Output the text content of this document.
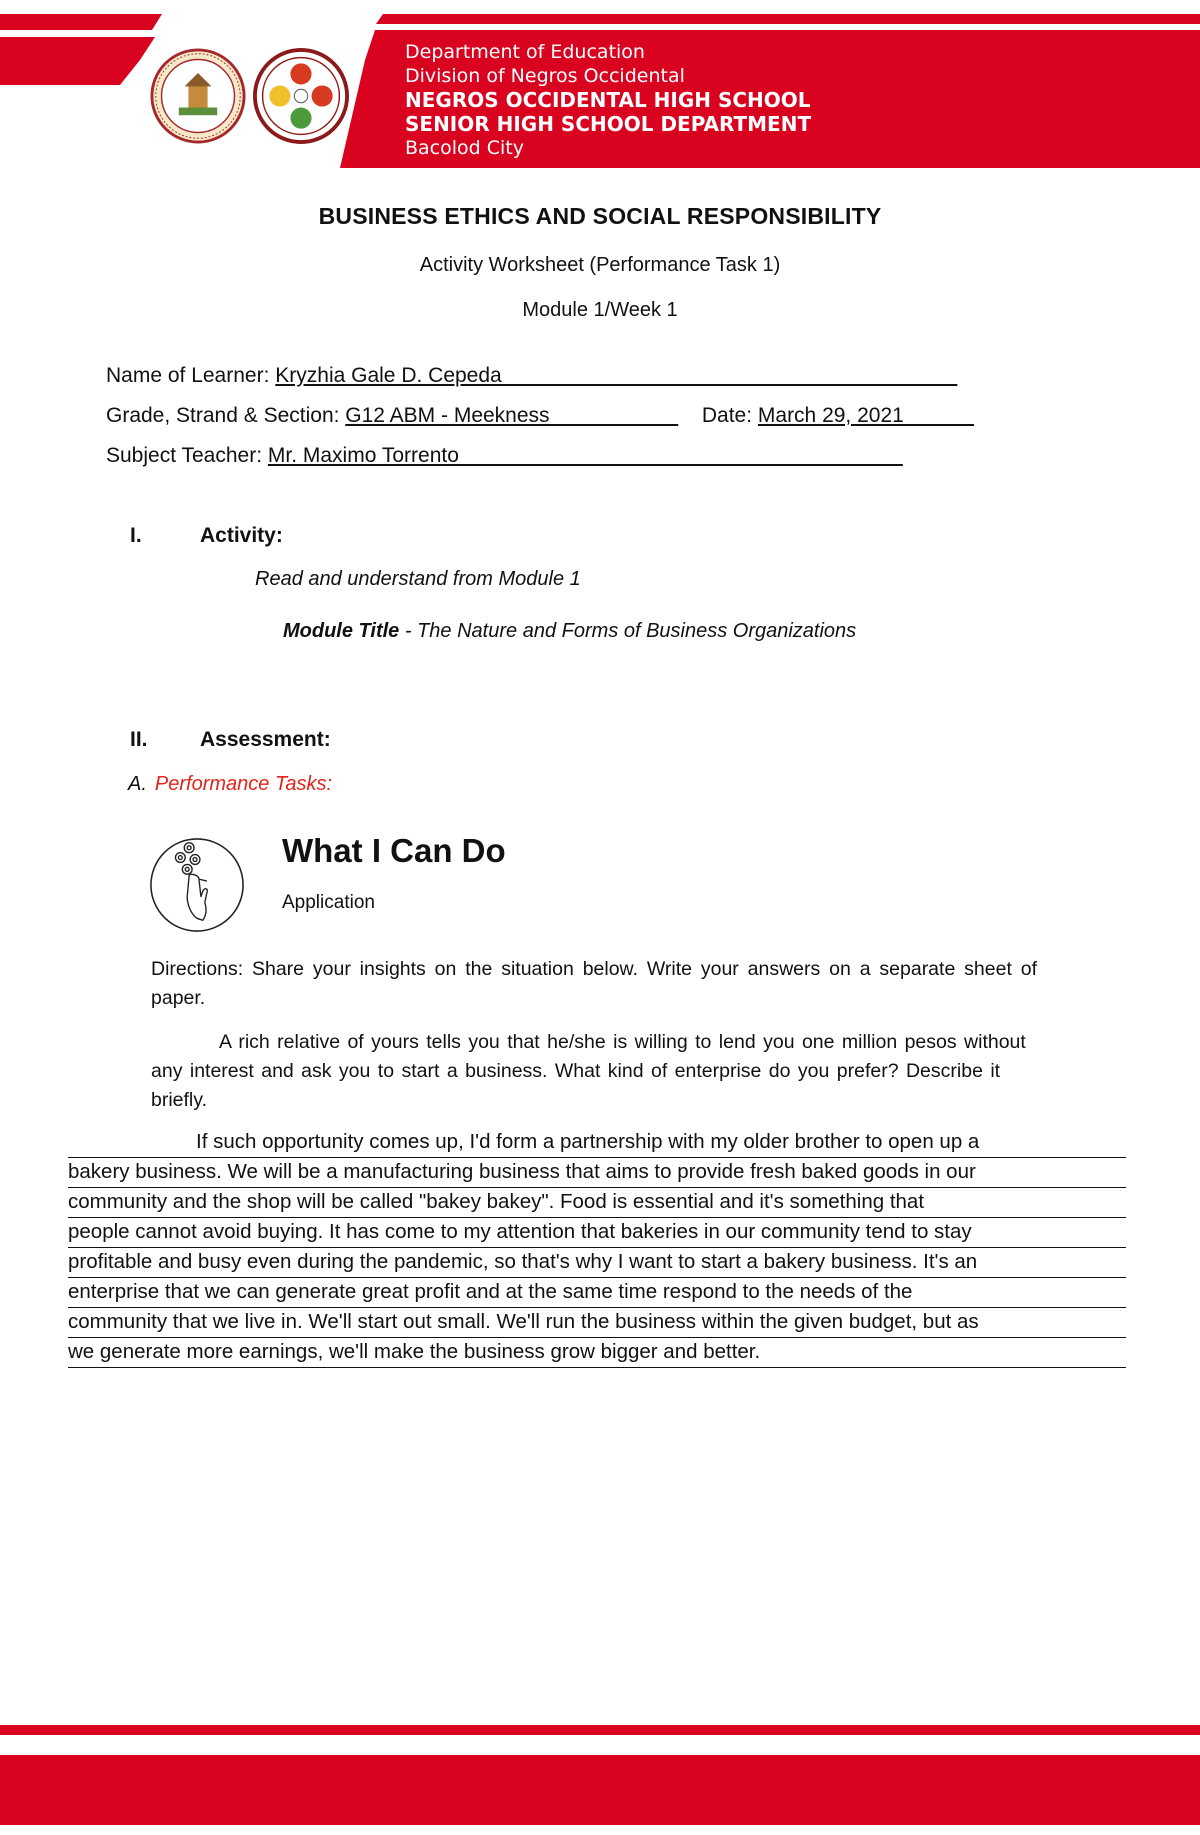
Department of Education
Division of Negros Occidental
NEGROS OCCIDENTAL HIGH SCHOOL
SENIOR HIGH SCHOOL DEPARTMENT
Bacolod City
BUSINESS ETHICS AND SOCIAL RESPONSIBILITY
Activity Worksheet (Performance Task 1)
Module 1/Week 1
Name of Learner: Kryzhia Gale D. Cepeda_______________________________________
Grade, Strand & Section: G12 ABM - Meekness___________ Date: March 29, 2021______
Subject Teacher: Mr. Maximo Torrento______________________________________
I.	Activity:
Read and understand from Module 1
Module Title - The Nature and Forms of Business Organizations
II. Assessment:
A. Performance Tasks:
What I Can Do
Application
Directions: Share your insights on the situation below. Write your answers on a separate sheet of paper.
A rich relative of yours tells you that he/she is willing to lend you one million pesos without any interest and ask you to start a business. What kind of enterprise do you prefer? Describe it briefly.
If such opportunity comes up, I'd form a partnership with my older brother to open up a
bakery business. We will be a manufacturing business that aims to provide fresh baked goods in our
community and the shop will be called "bakey bakey". Food is essential and it's something that
people cannot avoid buying. It has come to my attention that bakeries in our community tend to stay
profitable and busy even during the pandemic, so that's why I want to start a bakery business. It's an
enterprise that we can generate great profit and at the same time respond to the needs of the
community that we live in. We'll start out small. We'll run the business within the given budget, but as
we generate more earnings, we'll make the business grow bigger and better.
